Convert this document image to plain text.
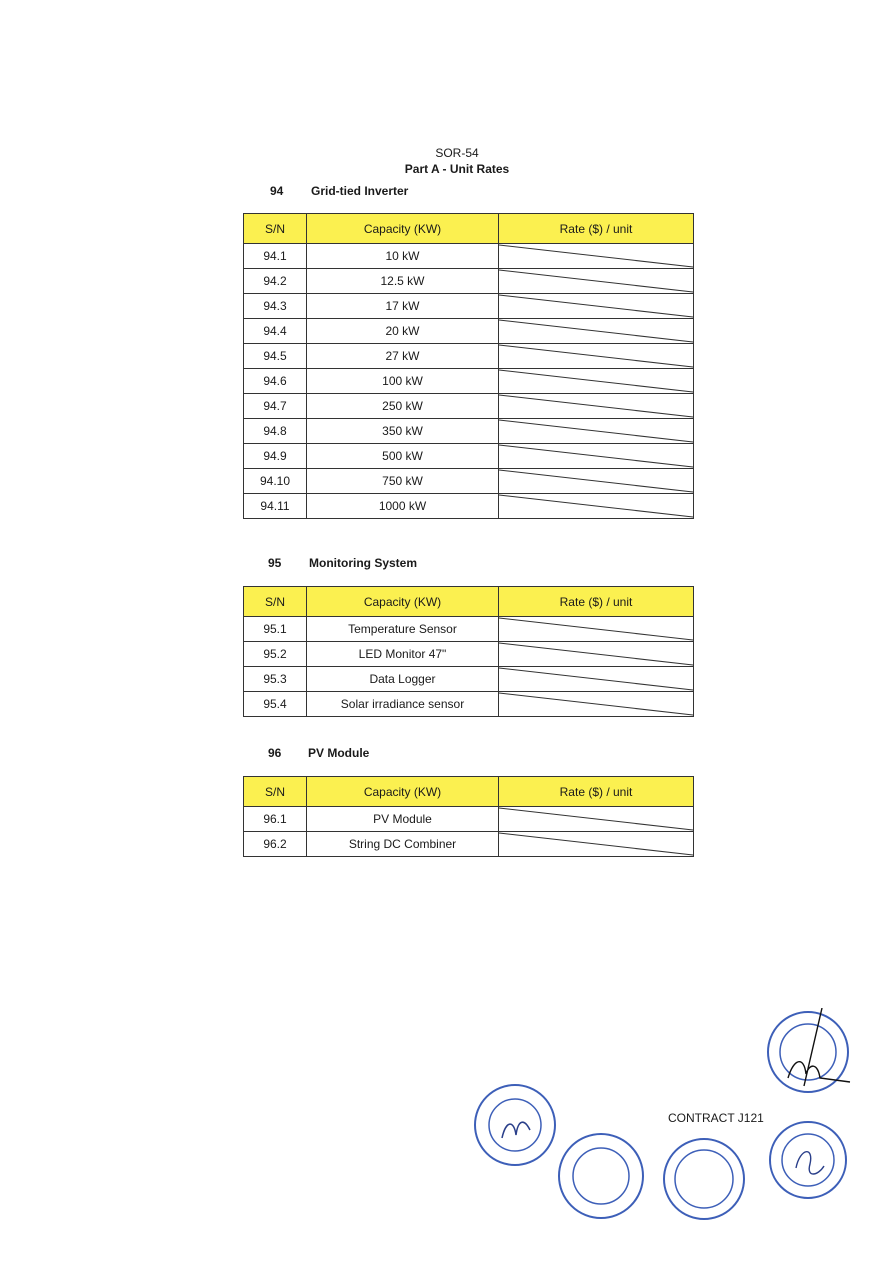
SOR-54
Part A - Unit Rates
94 Grid-tied Inverter
S/N	Capacity (KW)	Rate ($) / unit
94.1	10 kW	

94.2	12.5 kW	

94.3	17 kW	

94.4	20 kW	

94.5	27 kW	

94.6	100 kW	

94.7	250 kW	

94.8	350 kW	

94.9	500 kW	

94.10	750 kW	

94.11	1000 kW	
95 Monitoring System
S/N	Capacity (KW)	Rate ($) / unit
95.1	Temperature Sensor	

95.2	LED Monitor 47"	

95.3	Data Logger	

95.4	Solar irradiance sensor	
96 PV Module
S/N	Capacity (KW)	Rate ($) / unit
96.1	PV Module	

96.2	String DC Combiner	
CONTRACT J121
